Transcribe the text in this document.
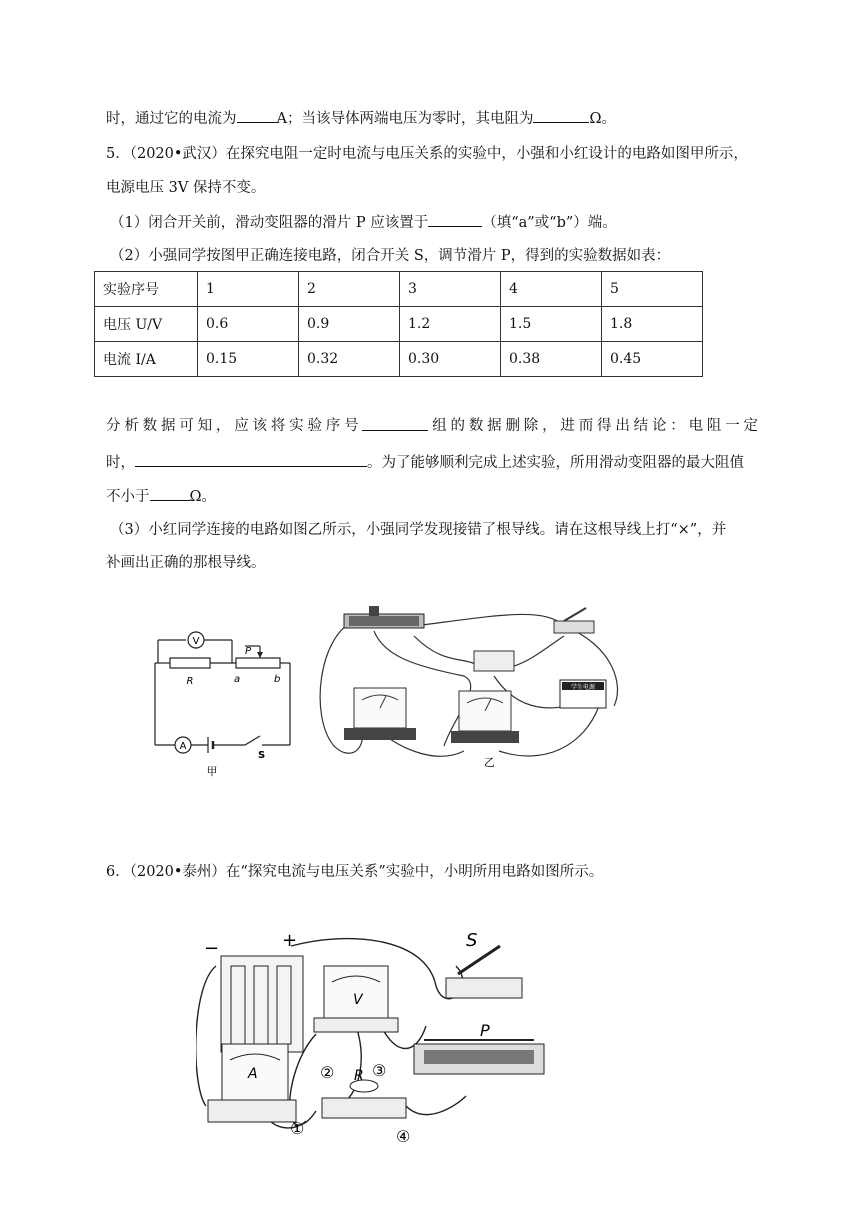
时，通过它的电流为	A；当该导体两端电压为零时，其电阻为	Ω。
5．（2020•武汉）在探究电阻一定时电流与电压关系的实验中，小强和小红设计的电路如图甲所示，
电源电压 3V 保持不变。
（1）闭合开关前，滑动变阻器的滑片 P 应该置于	（填“a”或“b”）端。
（2）小强同学按图甲正确连接电路，闭合开关 S，调节滑片 P，得到的实验数据如表：
实验序号	1	2	3	4	5
电压 U/V	0.6	0.9	1.2	1.5	1.8
电流 I/A	0.15	0.32	0.30	0.38	0.45
分 析 数 据 可 知 ， 应 该 将 实 验 序 号	组 的 数 据 删 除 ， 进 而 得 出 结 论 ： 电 阻 一 定
时，	。为了能够顺利完成上述实验，所用滑动变阻器的最大阻值
不小于	Ω。
（3）小红同学连接的电路如图乙所示，小强同学发现接错了根导线。请在这根导线上打“×”，并
补画出正确的那根导线。
V
A
R
P
a	b
S
甲
学生电源
乙
6．（2020•泰州）在“探究电流与电压关系”实验中，小明所用电路如图所示。
−	+
V
S
A	R
P
①
② ③
④
